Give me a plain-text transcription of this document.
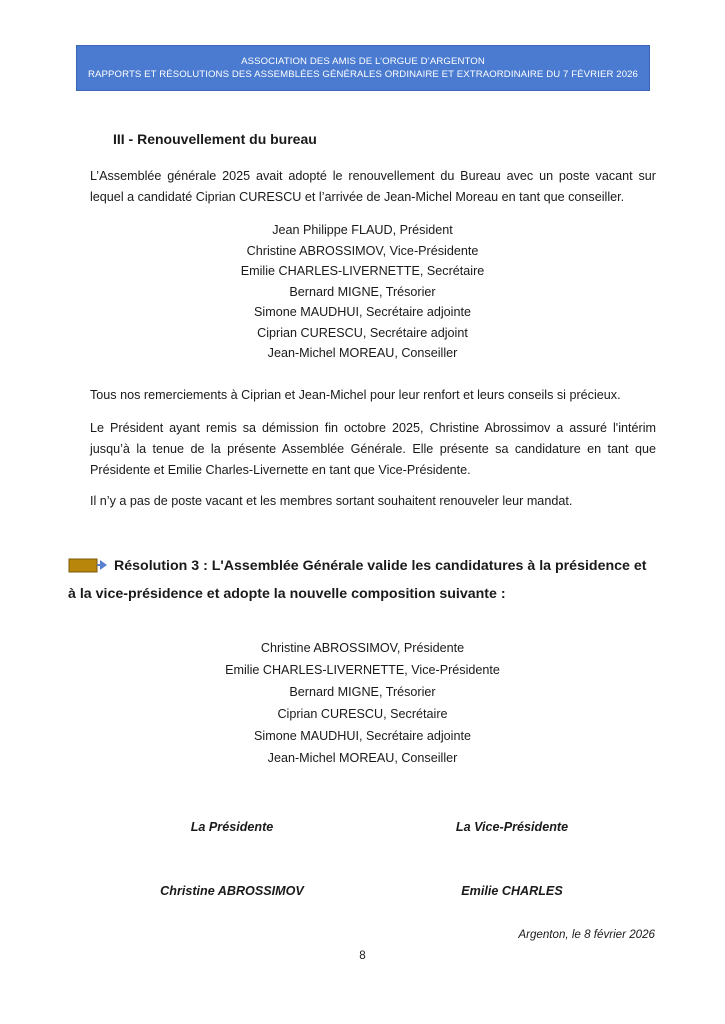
ASSOCIATION DES AMIS DE L’ORGUE D’ARGENTON
RAPPORTS ET RÉSOLUTIONS DES ASSEMBLÉES GÉNÉRALES ORDINAIRE ET EXTRAORDINAIRE DU 7 FÉVRIER 2026
III - Renouvellement du bureau
L’Assemblée générale 2025 avait adopté le renouvellement du Bureau avec un poste vacant sur lequel a candidaté Ciprian CURESCU et l’arrivée de Jean-Michel Moreau en tant que conseiller.
Jean Philippe FLAUD, Président
Christine ABROSSIMOV, Vice-Présidente
Emilie CHARLES-LIVERNETTE, Secrétaire
Bernard MIGNE, Trésorier
Simone MAUDHUI, Secrétaire adjointe
Ciprian CURESCU, Secrétaire adjoint
Jean-Michel MOREAU, Conseiller
Tous nos remerciements à Ciprian et Jean-Michel pour leur renfort et leurs conseils si précieux.
Le Président ayant remis sa démission fin octobre 2025, Christine Abrossimov a assuré l'intérim jusqu’à la tenue de la présente Assemblée Générale. Elle présente sa candidature en tant que Présidente et Emilie Charles-Livernette en tant que Vice-Présidente.
Il n’y a pas de poste vacant et les membres sortant souhaitent renouveler leur mandat.
Résolution 3 : L'Assemblée Générale valide les candidatures à la présidence et à la vice-présidence et adopte la nouvelle composition suivante :
Christine ABROSSIMOV, Présidente
Emilie CHARLES-LIVERNETTE, Vice-Présidente
Bernard MIGNE, Trésorier
Ciprian CURESCU, Secrétaire
Simone MAUDHUI, Secrétaire adjointe
Jean-Michel MOREAU, Conseiller
La Présidente	La Vice-Présidente
Christine ABROSSIMOV	Emilie CHARLES
Argenton, le 8 février 2026
8
